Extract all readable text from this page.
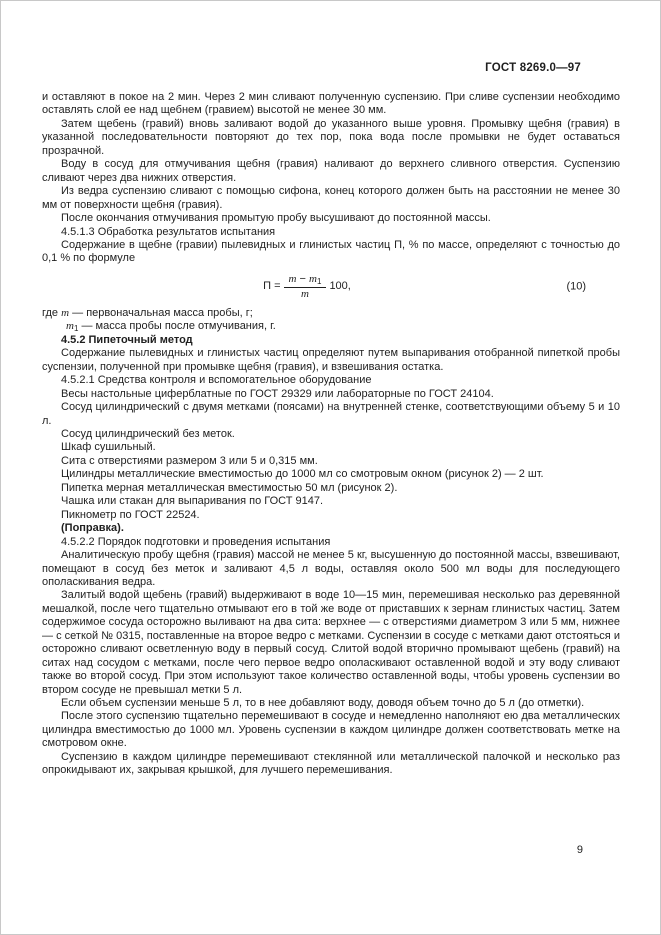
ГОСТ 8269.0—97

и оставляют в покое на 2 мин. Через 2 мин сливают полученную суспензию. При сливе суспензии необходимо оставлять слой ее над щебнем (гравием) высотой не менее 30 мм.

Затем щебень (гравий) вновь заливают водой до указанного выше уровня. Промывку щебня (гравия) в указанной последовательности повторяют до тех пор, пока вода после промывки не будет оставаться прозрачной.

Воду в сосуд для отмучивания щебня (гравия) наливают до верхнего сливного отверстия. Суспензию сливают через два нижних отверстия.

Из ведра суспензию сливают с помощью сифона, конец которого должен быть на расстоянии не менее 30 мм от поверхности щебня (гравия).

После окончания отмучивания промытую пробу высушивают до постоянной массы.

4.5.1.3 Обработка результатов испытания

Содержание в щебне (гравии) пылевидных и глинистых частиц П, % по массе, определяют с точностью до 0,1 % по формуле

$П = \frac{m - m_1}{m} 100$,	(10)

где m — первоначальная масса пробы, г;

$m_1$ — масса пробы после отмучивания, г.

4.5.2 Пипеточный метод

Содержание пылевидных и глинистых частиц определяют путем выпаривания отобранной пипеткой пробы суспензии, полученной при промывке щебня (гравия), и взвешивания остатка.

4.5.2.1 Средства контроля и вспомогательное оборудование

Весы настольные циферблатные по ГОСТ 29329 или лабораторные по ГОСТ 24104.

Сосуд цилиндрический с двумя метками (поясами) на внутренней стенке, соответствующими объему 5 и 10 л.

Сосуд цилиндрический без меток.

Шкаф сушильный.

Сита с отверстиями размером 3 или 5 и 0,315 мм.

Цилиндры металлические вместимостью до 1000 мл со смотровым окном (рисунок 2) — 2 шт.

Пипетка мерная металлическая вместимостью 50 мл (рисунок 2).

Чашка или стакан для выпаривания по ГОСТ 9147.

Пикнометр по ГОСТ 22524.

(Поправка).

4.5.2.2 Порядок подготовки и проведения испытания

Аналитическую пробу щебня (гравия) массой не менее 5 кг, высушенную до постоянной массы, взвешивают, помещают в сосуд без меток и заливают 4,5 л воды, оставляя около 500 мл воды для последующего ополаскивания ведра.

Залитый водой щебень (гравий) выдерживают в воде 10—15 мин, перемешивая несколько раз деревянной мешалкой, после чего тщательно отмывают его в той же воде от приставших к зернам глинистых частиц. Затем содержимое сосуда осторожно выливают на два сита: верхнее — с отверстиями диаметром 3 или 5 мм, нижнее — с сеткой № 0315, поставленные на второе ведро с метками. Суспензии в сосуде с метками дают отстояться и осторожно сливают осветленную воду в первый сосуд. Слитой водой вторично промывают щебень (гравий) на ситах над сосудом с метками, после чего первое ведро ополаскивают оставленной водой и эту воду сливают также во второй сосуд. При этом используют такое количество оставленной воды, чтобы уровень суспензии во втором сосуде не превышал метки 5 л.

Если объем суспензии меньше 5 л, то в нее добавляют воду, доводя объем точно до 5 л (до отметки).

После этого суспензию тщательно перемешивают в сосуде и немедленно наполняют ею два металлических цилиндра вместимостью до 1000 мл. Уровень суспензии в каждом цилиндре должен соответствовать метке на смотровом окне.

Суспензию в каждом цилиндре перемешивают стеклянной или металлической палочкой и несколько раз опрокидывают их, закрывая крышкой, для лучшего перемешивания.

9
